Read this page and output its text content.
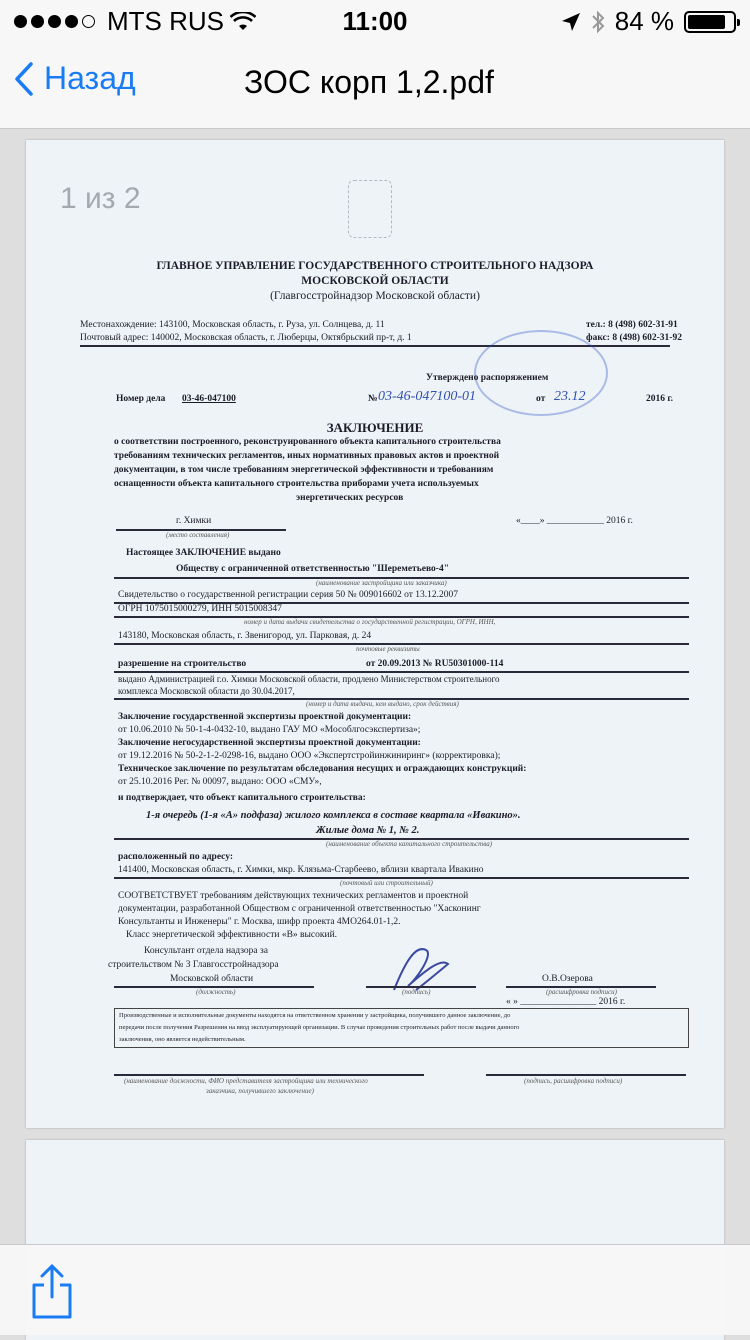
MTS RUS	11:00	84 %
Назад	ЗОС корп 1,2.pdf
ГЛАВНОЕ УПРАВЛЕНИЕ ГОСУДАРСТВЕННОГО СТРОИТЕЛЬНОГО НАДЗОРА
МОСКОВСКОЙ ОБЛАСТИ
(Главгосстройнадзор Московской области)
Местонахождение: 143100, Московская область, г. Руза, ул. Солнцева, д. 11	тел.: 8 (498) 602-31-91
Почтовый адрес: 140002, Московская область, г. Люберцы, Октябрьский пр-т, д. 1	факс: 8 (498) 602-31-92
Утверждено распоряжением
Номер дела 03-46-047100	№ 03-46-047100-01	от 23.12	2016 г.
ЗАКЛЮЧЕНИЕ
о соответствии построенного, реконструированного объекта капитального строительства
требованиям технических регламентов, иных нормативных правовых актов и проектной
документации, в том числе требованиям энергетической эффективности и требованиям
оснащенности объекта капитального строительства приборами учета используемых
энергетических ресурсов
г. Химки
(место составления)
«____» ____________ 2016 г.
Настоящее ЗАКЛЮЧЕНИЕ выдано
Обществу с ограниченной ответственностью "Шереметьево-4"
(наименование застройщика или заказчика)
Свидетельство о государственной регистрации серия 50 № 009016602 от 13.12.2007
ОГРН 1075015000279, ИНН 5015008347
номер и дата выдачи свидетельства о государственной регистрации, ОГРН, ИНН,
143180, Московская область, г. Звенигород, ул. Парковая, д. 24
почтовые реквизиты
разрешение на строительство	от 20.09.2013 № RU50301000-114
выдано Администрацией г.о. Химки Московской области, продлено Министерством строительного
комплекса Московской области до 30.04.2017,
(номер и дата выдачи, кем выдано, срок действия)
Заключение государственной экспертизы проектной документации:
от 10.06.2010 № 50-1-4-0432-10, выдано ГАУ МО «Мособлгосэкспертиза»;
Заключение негосударственной экспертизы проектной документации:
от 19.12.2016 № 50-2-1-2-0298-16, выдано ООО «Экспертстройинжиниринг» (корректировка);
Техническое заключение по результатам обследования несущих и ограждающих конструкций:
от 25.10.2016 Рег. № 00097, выдано: ООО «СМУ»,
и подтверждает, что объект капитального строительства:
1-я очередь (1-я «А» подфаза) жилого комплекса в составе квартала «Ивакино».
Жилые дома № 1, № 2.
(наименование объекта капитального строительства)
расположенный по адресу:
141400, Московская область, г. Химки, мкр. Клязьма-Старбеево, вблизи квартала Ивакино
(почтовый или строительный)
СООТВЕТСТВУЕТ требованиям действующих технических регламентов и проектной
документации, разработанной Обществом с ограниченной ответственностью "Хасконинг
Консультанты и Инженеры" г. Москва, шифр проекта 4МО264.01-1,2.
Класс энергетической эффективности «В» высокий.
Консультант отдела надзора за
строительством № 3 Главгосстройнадзора
Московской области
(должность)	(подпись)
О.В.Озерова
(расшифровка подписи)
« » ________________ 2016 г.
Производственные и исполнительные документы находятся на ответственном хранении у застройщика, получившего данное заключение, до
передачи после получения Разрешения на ввод эксплуатирующей организации. В случае проведения строительных работ после выдачи данного
заключения, оно является недействительным.
(наименование должности, ФИО представителя застройщика или технического
заказчика, получившего заключение)
(подпись, расшифровка подписи)
1 из 2
